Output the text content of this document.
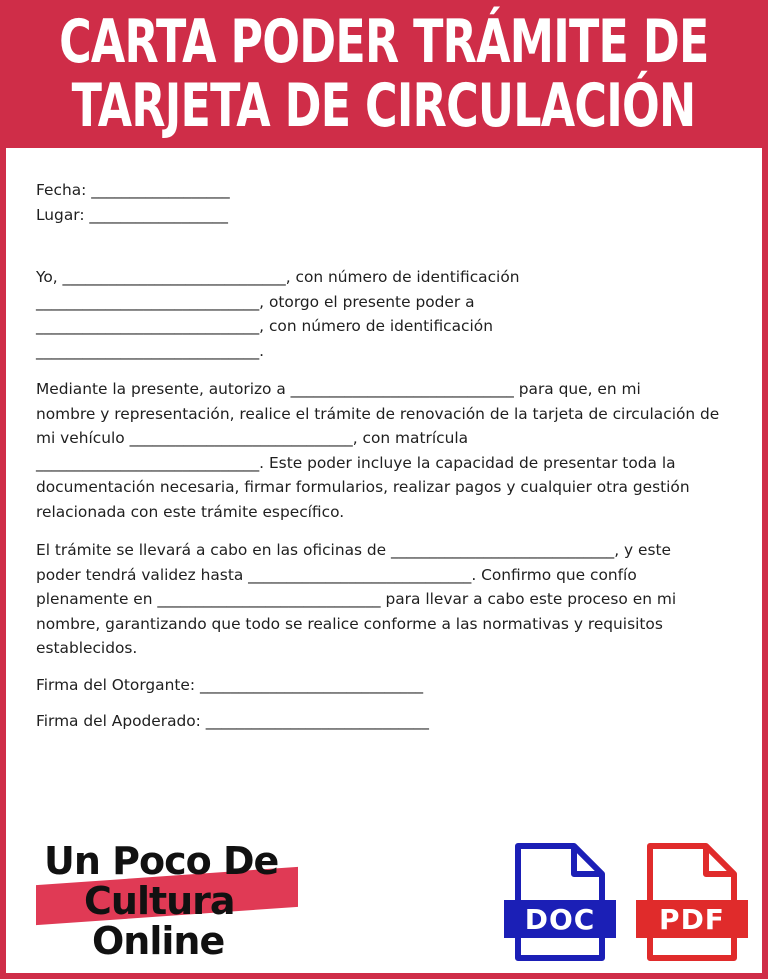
CARTA PODER TRÁMITE DE
TARJETA DE CIRCULACIÓN

Fecha: __________________

Lugar: __________________

Yo, _____________________________, con número de identificación

_____________________________, otorgo el presente poder a

_____________________________, con número de identificación

_____________________________.

Mediante la presente, autorizo a _____________________________ para que, en mi

nombre y representación, realice el trámite de renovación de la tarjeta de circulación de

mi vehículo _____________________________, con matrícula

_____________________________. Este poder incluye la capacidad de presentar toda la

documentación necesaria, firmar formularios, realizar pagos y cualquier otra gestión

relacionada con este trámite específico.

El trámite se llevará a cabo en las oficinas de _____________________________, y este

poder tendrá validez hasta _____________________________. Confirmo que confío

plenamente en _____________________________ para llevar a cabo este proceso en mi

nombre, garantizando que todo se realice conforme a las normativas y requisitos

establecidos.

Firma del Otorgante: _____________________________

Firma del Apoderado: _____________________________

Un Poco De
Cultura
Online	DOC	PDF
